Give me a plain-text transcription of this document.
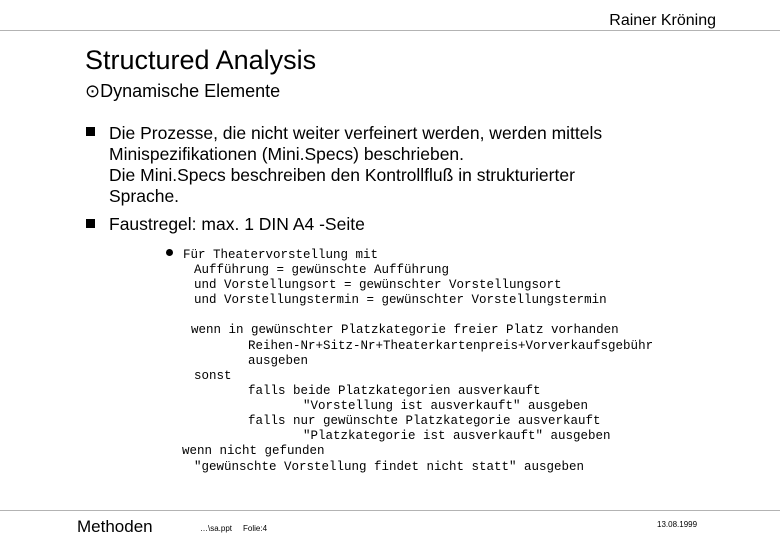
Rainer Kröning
Structured Analysis
⊙Dynamische Elemente
Die Prozesse, die nicht weiter verfeinert werden, werden mittels
Minispezifikationen (Mini.Specs) beschrieben.
Die Mini.Specs beschreiben den Kontrollfluß in strukturierter
Sprache.
Faustregel: max. 1 DIN A4 -Seite
Für Theatervorstellung mit
Aufführung = gewünschte Aufführung
und Vorstellungsort = gewünschter Vorstellungsort
und Vorstellungstermin = gewünschter Vorstellungstermin
wenn in gewünschter Platzkategorie freier Platz vorhanden
Reihen-Nr+Sitz-Nr+Theaterkartenpreis+Vorverkaufsgebühr
ausgeben
sonst
falls beide Platzkategorien ausverkauft
"Vorstellung ist ausverkauft" ausgeben
falls nur gewünschte Platzkategorie ausverkauft
"Platzkategorie ist ausverkauft" ausgeben
wenn nicht gefunden
"gewünschte Vorstellung findet nicht statt" ausgeben
Methoden	…\sa.ppt Folie:4	13.08.1999
